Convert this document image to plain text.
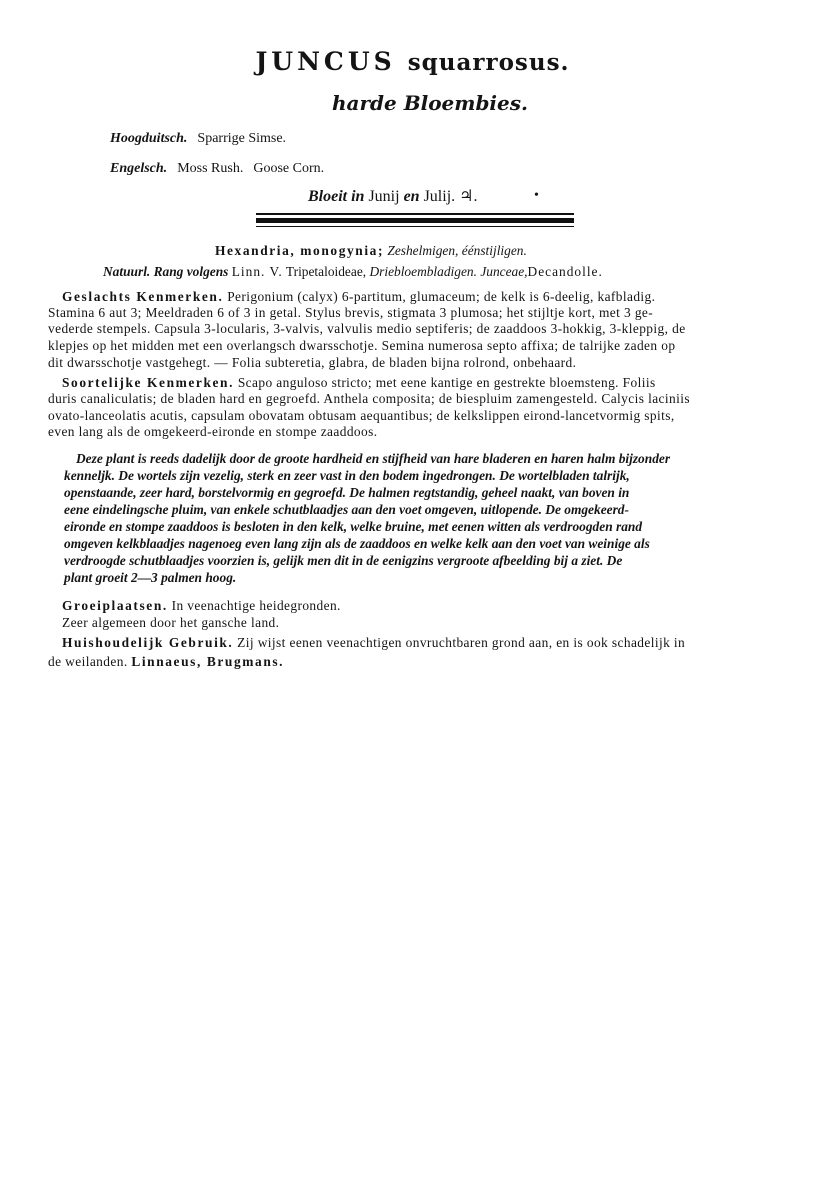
JUNCUS squarrosus.
harde Bloembies.
Hoogduitsch. Sparrige Simse.
Engelsch. Moss Rush. Goose Corn.
Bloeit in Junij en Julij. ♃.	•
Hexandria, monogynia; Zeshelmigen, éénstijligen.
Natuurl. Rang volgens Linn. V. Tripetaloideae, Driebloembladigen. Junceae,Decandolle.
Geslachts Kenmerken. Perigonium (calyx) 6-partitum, glumaceum; de kelk is 6-deelig, kafbladig.
Stamina 6 aut 3; Meeldraden 6 of 3 in getal. Stylus brevis, stigmata 3 plumosa; het stijltje kort, met 3 ge-
vederde stempels. Capsula 3-locularis, 3-valvis, valvulis medio septiferis; de zaaddoos 3-hokkig, 3-kleppig, de
klepjes op het midden met een overlangsch dwarsschotje. Semina numerosa septo affixa; de talrijke zaden op
dit dwarsschotje vastgehegt. — Folia subteretia, glabra, de bladen bijna rolrond, onbehaard.
Soortelijke Kenmerken. Scapo anguloso stricto; met eene kantige en gestrekte bloemsteng. Foliis
duris canaliculatis; de bladen hard en gegroefd. Anthela composita; de biespluim zamengesteld. Calycis laciniis
ovato-lanceolatis acutis, capsulam obovatam obtusam aequantibus; de kelkslippen eirond-lancetvormig spits,
even lang als de omgekeerd-eironde en stompe zaaddoos.
Deze plant is reeds dadelijk door de groote hardheid en stijfheid van hare bladeren en haren halm bijzonder
kenneljk. De wortels zijn vezelig, sterk en zeer vast in den bodem ingedrongen. De wortelbladen talrijk,
openstaande, zeer hard, borstelvormig en gegroefd. De halmen regtstandig, geheel naakt, van boven in
eene eindelingsche pluim, van enkele schutblaadjes aan den voet omgeven, uitlopende. De omgekeerd-
eironde en stompe zaaddoos is besloten in den kelk, welke bruine, met eenen witten als verdroogden rand
omgeven kelkblaadjes nagenoeg even lang zijn als de zaaddoos en welke kelk aan den voet van weinige als
verdroogde schutblaadjes voorzien is, gelijk men dit in de eenigzins vergroote afbeelding bij a ziet. De
plant groeit 2—3 palmen hoog.
Groeiplaatsen. In veenachtige heidegronden.
Zeer algemeen door het gansche land.
Huishoudelijk Gebruik. Zij wijst eenen veenachtigen onvruchtbaren grond aan, en is ook schadelijk in
de weilanden. Linnaeus, Brugmans.
